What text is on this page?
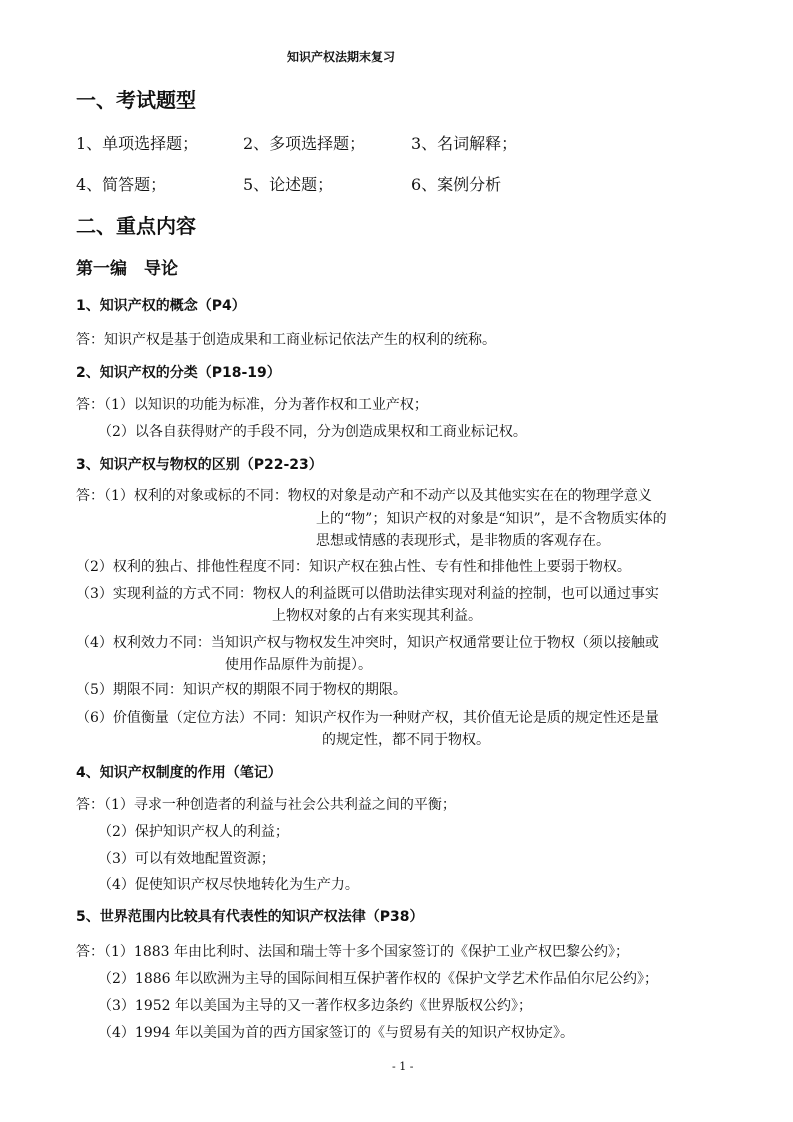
知识产权法期末复习
一、考试题型
1、单项选择题；	2、多项选择题；	3、名词解释；
4、简答题；	5、论述题；	6、案例分析
二、重点内容
第一编　导论
1、知识产权的概念（P4）
答：知识产权是基于创造成果和工商业标记依法产生的权利的统称。
2、知识产权的分类（P18-19）
答：（1）以知识的功能为标准，分为著作权和工业产权；
（2）以各自获得财产的手段不同，分为创造成果权和工商业标记权。
3、知识产权与物权的区别（P22-23）
答：（1）权利的对象或标的不同：物权的对象是动产和不动产以及其他实实在在的物理学意义
上的“物”；知识产权的对象是“知识”，是不含物质实体的
思想或情感的表现形式，是非物质的客观存在。
（2）权利的独占、排他性程度不同：知识产权在独占性、专有性和排他性上要弱于物权。
（3）实现利益的方式不同：物权人的利益既可以借助法律实现对利益的控制，也可以通过事实
上物权对象的占有来实现其利益。
（4）权利效力不同：当知识产权与物权发生冲突时，知识产权通常要让位于物权（须以接触或
使用作品原件为前提）。
（5）期限不同：知识产权的期限不同于物权的期限。
（6）价值衡量（定位方法）不同：知识产权作为一种财产权，其价值无论是质的规定性还是量
的规定性，都不同于物权。
4、知识产权制度的作用（笔记）
答：（1）寻求一种创造者的利益与社会公共利益之间的平衡；
（2）保护知识产权人的利益；
（3）可以有效地配置资源；
（4）促使知识产权尽快地转化为生产力。
5、世界范围内比较具有代表性的知识产权法律（P38）
答：（1）1883 年由比利时、法国和瑞士等十多个国家签订的《保护工业产权巴黎公约》；
（2）1886 年以欧洲为主导的国际间相互保护著作权的《保护文学艺术作品伯尔尼公约》；
（3）1952 年以美国为主导的又一著作权多边条约《世界版权公约》；
（4）1994 年以美国为首的西方国家签订的《与贸易有关的知识产权协定》。
- 1 -
